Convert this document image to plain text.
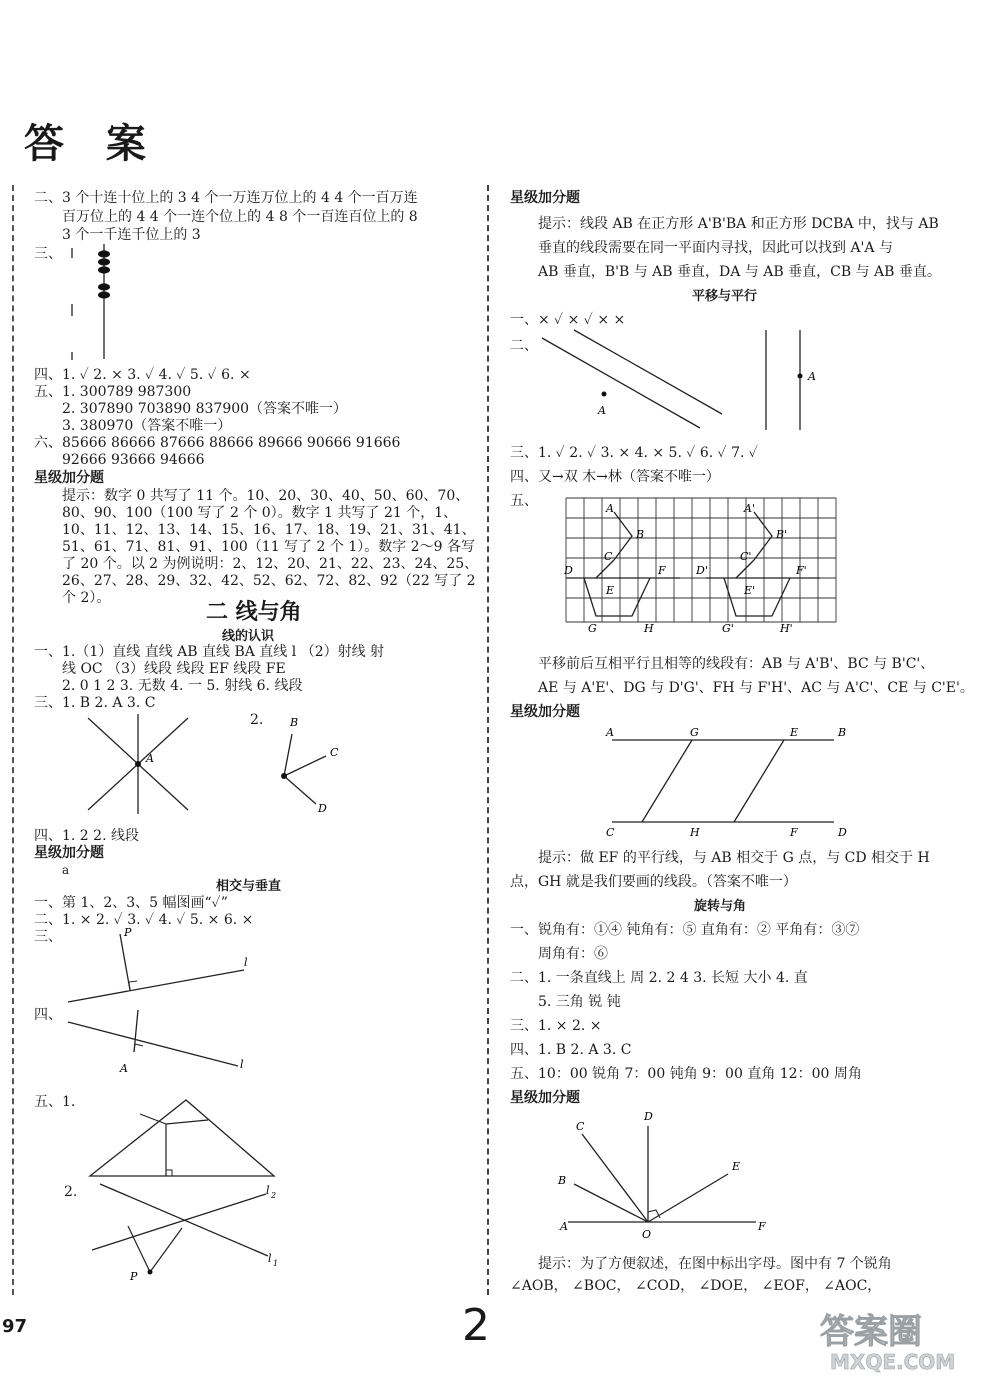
答 案
二、3 个十连十位上的 3 4 个一万连万位上的 4 4 个一百万连
百万位上的 4 4 个一连个位上的 4 8 个一百连百位上的 8
3 个一千连千位上的 3
三、
四、1. ✓ 2. × 3. ✓ 4. ✓ 5. ✓ 6. ×
五、1. 300789 987300
2. 307890 703890 837900（答案不唯一）
3. 380970（答案不唯一）
六、85666 86666 87666 88666 89666 90666 91666
92666 93666 94666
星级加分题
提示：数字 0 共写了 11 个。10、20、30、40、50、60、70、
80、90、100（100 写了 2 个 0）。数字 1 共写了 21 个，1、
10、11、12、13、14、15、16、17、18、19、21、31、41、
51、61、71、81、91、100（11 写了 2 个 1）。数字 2～9 各写
了 20 个。以 2 为例说明：2、12、20、21、22、23、24、25、
26、27、28、29、32、42、52、62、72、82、92（22 写了 2
个 2）。
二 线与角
线的认识
一、1.（1）直线 直线 AB 直线 BA 直线 l （2）射线 射
线 OC （3）线段 线段 EF 线段 FE
2. 0 1 2 3. 无数 4. 一 5. 射线 6. 线段
三、1. B 2. A 3. C
2.
A
B
C
D
四、1. 2 2. 线段
星级加分题
a
相交与垂直
一、第 1、2、3、5 幅图画“✓”
二、1. × 2. ✓ 3. ✓ 4. ✓ 5. × 6. ×
三、	P
l
四、
A	l
五、1.
2.
P
l 2
l 1
星级加分题
提示：线段 AB 在正方形 A'B'BA 和正方形 DCBA 中，找与 AB
垂直的线段需要在同一平面内寻找，因此可以找到 A'A 与
AB 垂直，B'B 与 AB 垂直，DA 与 AB 垂直，CB 与 AB 垂直。
平移与平行
一、× ✓ × ✓ × ×
二、
A
A
三、1. ✓ 2. ✓ 3. × 4. × 5. ✓ 6. ✓ 7. ✓
四、又→双 木→林（答案不唯一）
五、	A
B
C
D
E
F
G	H
A'
B'
C'
D'
E'
F'
G'	H'
平移前后互相平行且相等的线段有：AB 与 A'B'、BC 与 B'C'、
AE 与 A'E'、DG 与 D'G'、FH 与 F'H'、AC 与 A'C'、CE 与 C'E'。
星级加分题
A	G	E	B
C	H	F	D
提示：做 EF 的平行线，与 AB 相交于 G 点，与 CD 相交于 H
点，GH 就是我们要画的线段。（答案不唯一）
旋转与角
一、锐角有：①④ 钝角有：⑤ 直角有：② 平角有：③⑦
周角有：⑥
二、1. 一条直线上 周 2. 2 4 3. 长短 大小 4. 直
5. 三角 锐 钝
三、1. × 2. ×
四、1. B 2. A 3. C
五、10：00 锐角 7：00 钝角 9：00 直角 12：00 周角
星级加分题
A
B
C
D
E
F
O
提示：为了方便叙述，在图中标出字母。图中有 7 个锐角
∠AOB， ∠BOC， ∠COD， ∠DOE， ∠EOF， ∠AOC，
97	2	答案圈
MXQE.COM
